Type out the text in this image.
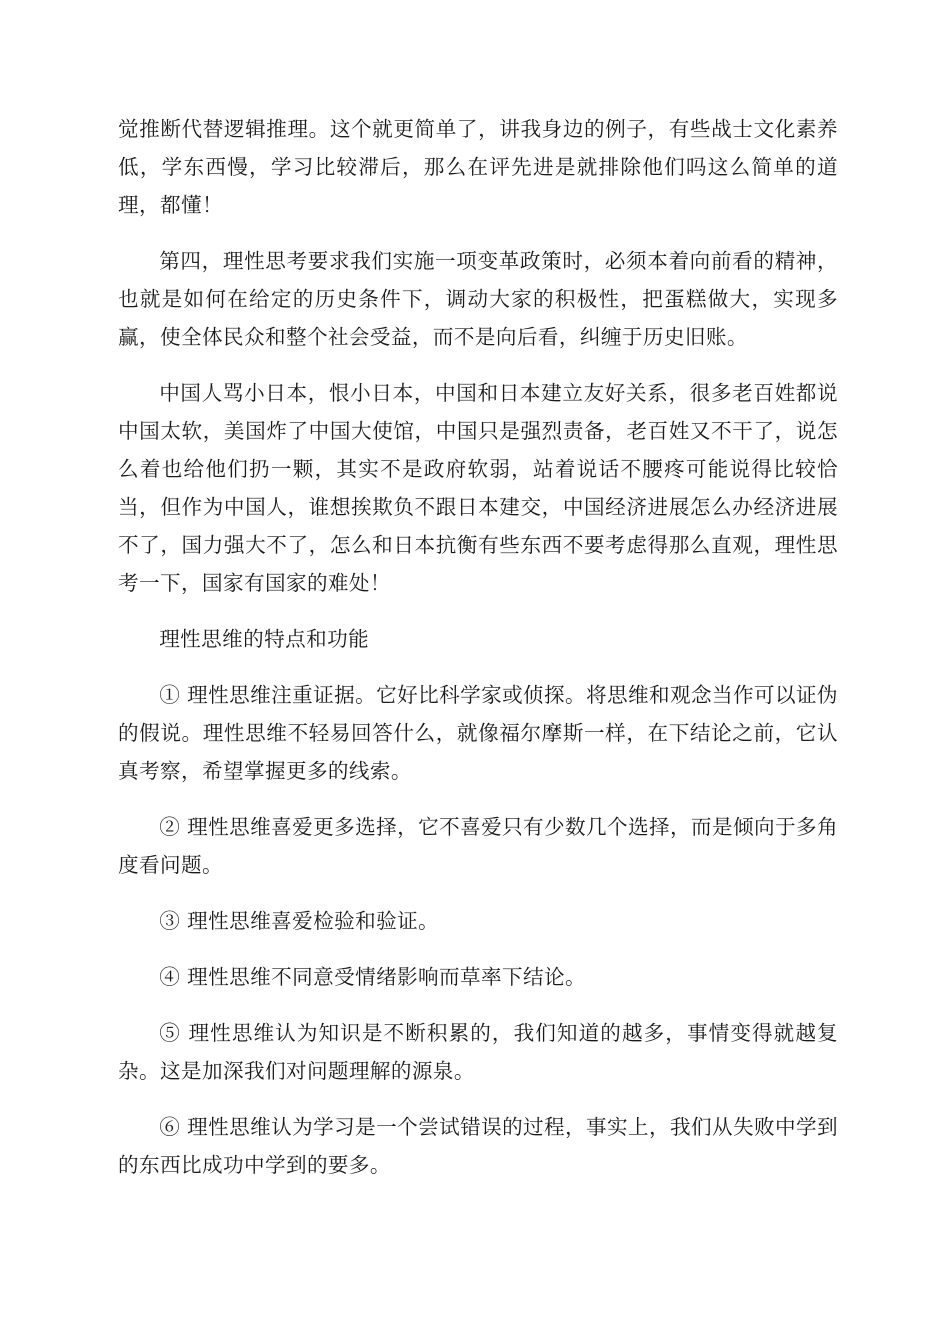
觉推断代替逻辑推理。这个就更简单了，讲我身边的例子，有些战士文化素养低，学东西慢，学习比较滞后，那么在评先进是就排除他们吗这么简单的道理，都懂！

第四，理性思考要求我们实施一项变革政策时，必须本着向前看的精神，也就是如何在给定的历史条件下，调动大家的积极性，把蛋糕做大，实现多赢，使全体民众和整个社会受益，而不是向后看，纠缠于历史旧账。

中国人骂小日本，恨小日本，中国和日本建立友好关系，很多老百姓都说中国太软，美国炸了中国大使馆，中国只是强烈责备，老百姓又不干了，说怎么着也给他们扔一颗，其实不是政府软弱，站着说话不腰疼可能说得比较恰当，但作为中国人，谁想挨欺负不跟日本建交，中国经济进展怎么办经济进展不了，国力强大不了，怎么和日本抗衡有些东西不要考虑得那么直观，理性思考一下，国家有国家的难处！

理性思维的特点和功能

① 理性思维注重证据。它好比科学家或侦探。将思维和观念当作可以证伪的假说。理性思维不轻易回答什么，就像福尔摩斯一样，在下结论之前，它认真考察，希望掌握更多的线索。

② 理性思维喜爱更多选择，它不喜爱只有少数几个选择，而是倾向于多角度看问题。

③ 理性思维喜爱检验和验证。

④ 理性思维不同意受情绪影响而草率下结论。

⑤ 理性思维认为知识是不断积累的，我们知道的越多，事情变得就越复杂。这是加深我们对问题理解的源泉。

⑥ 理性思维认为学习是一个尝试错误的过程，事实上，我们从失败中学到的东西比成功中学到的要多。
